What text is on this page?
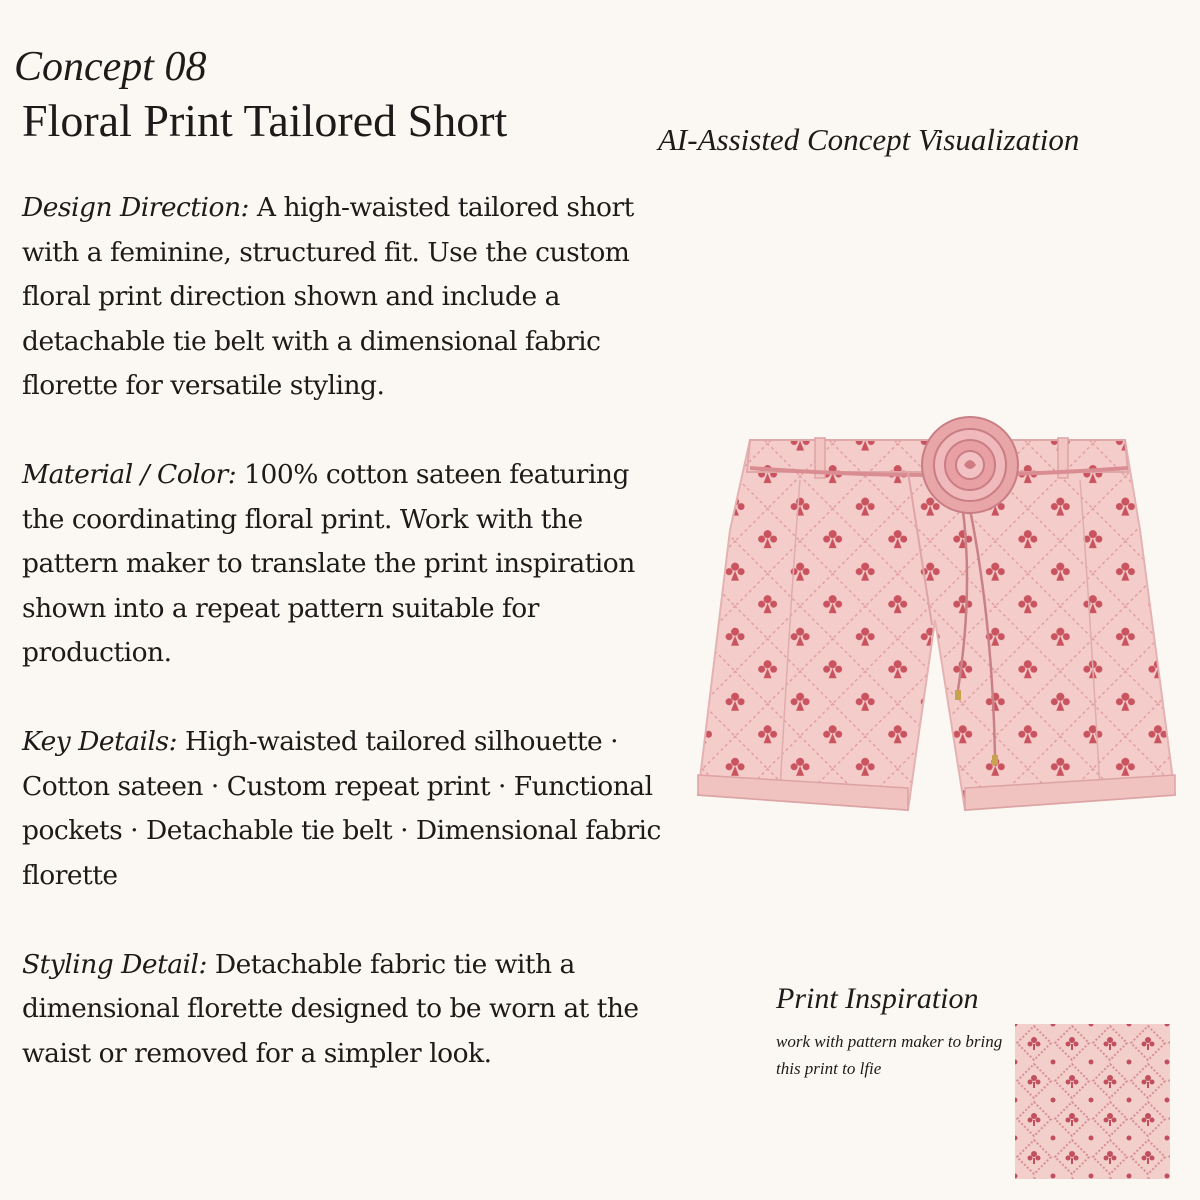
Concept 08
Floral Print Tailored Short	AI-Assisted Concept Visualization

Design Direction: A high-waisted tailored short with a feminine, structured fit. Use the custom floral print direction shown and include a detachable tie belt with a dimensional fabric florette for versatile styling.

Material / Color: 100% cotton sateen featuring the coordinating floral print. Work with the pattern maker to translate the print inspiration shown into a repeat pattern suitable for production.

Key Details: High-waisted tailored silhouette · Cotton sateen · Custom repeat print · Functional pockets · Detachable tie belt · Dimensional fabric florette

Styling Detail: Detachable fabric tie with a dimensional florette designed to be worn at the waist or removed for a simpler look.

Print Inspiration
work with pattern maker to bring this print to lfie
